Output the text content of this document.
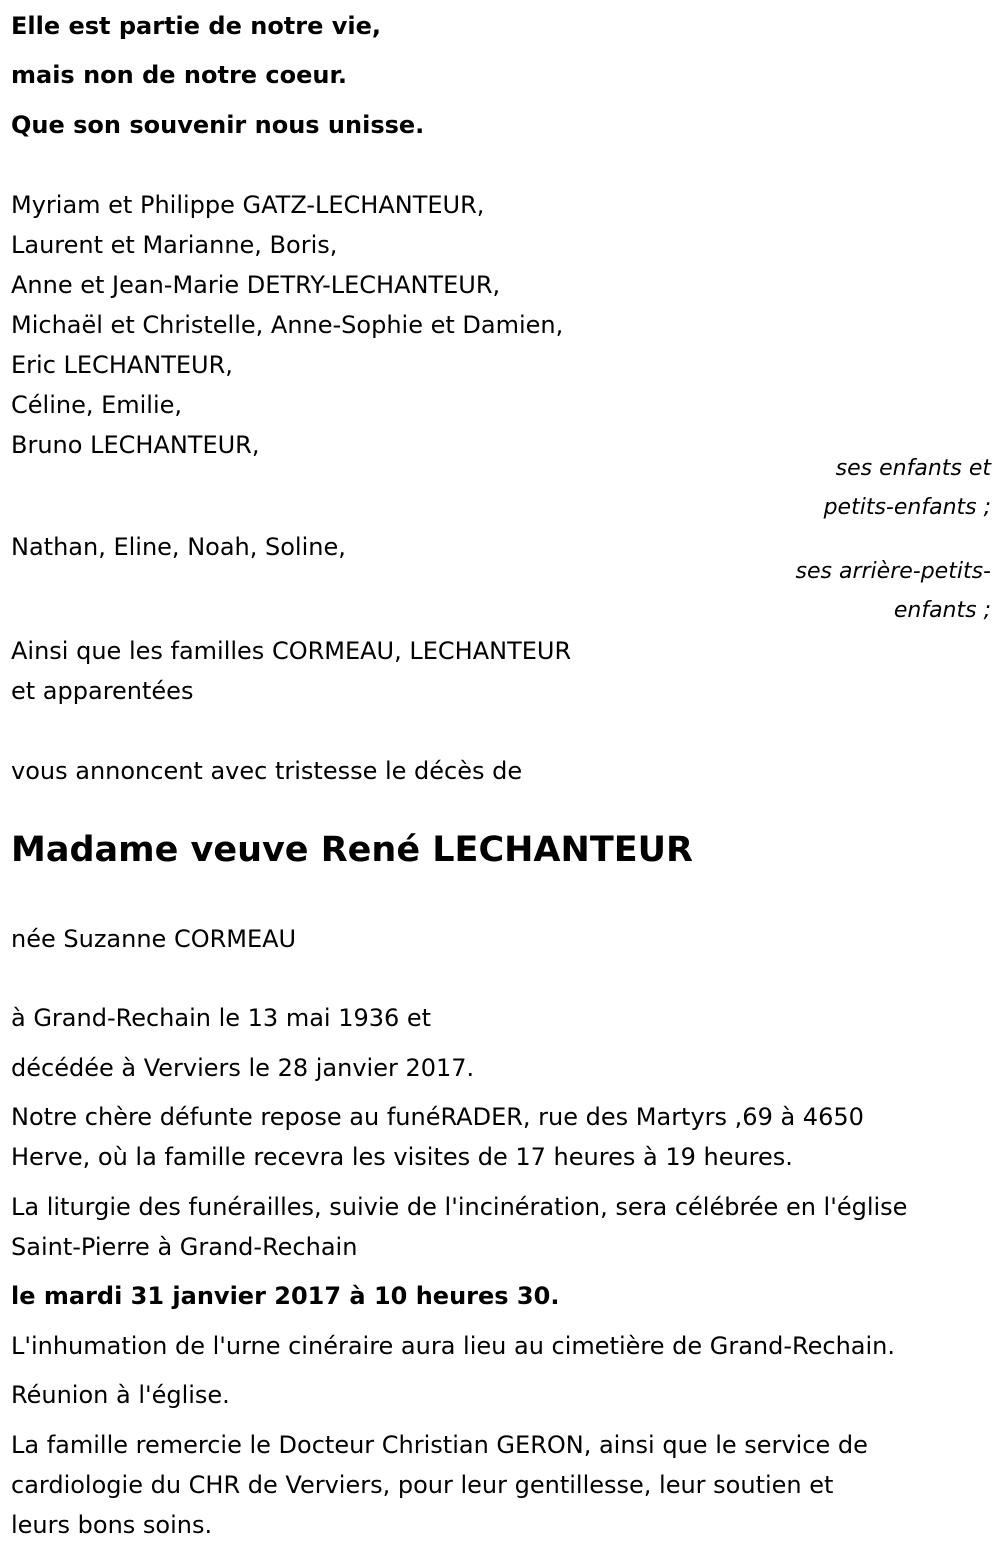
Elle est partie de notre vie,
mais non de notre coeur.
Que son souvenir nous unisse.
Myriam et Philippe GATZ-LECHANTEUR,
Laurent et Marianne, Boris,
Anne et Jean-Marie DETRY-LECHANTEUR,
Michaël et Christelle, Anne-Sophie et Damien,
Eric LECHANTEUR,
Céline, Emilie,
Bruno LECHANTEUR,
ses enfants et
petits-enfants ;
Nathan, Eline, Noah, Soline,
ses arrière-petits-
enfants ;
Ainsi que les familles CORMEAU, LECHANTEUR
et apparentées
vous annoncent avec tristesse le décès de
Madame veuve René LECHANTEUR
née Suzanne CORMEAU
à Grand-Rechain le 13 mai 1936 et
décédée à Verviers le 28 janvier 2017.
Notre chère défunte repose au funéRADER, rue des Martyrs ,69 à 4650
Herve, où la famille recevra les visites de 17 heures à 19 heures.
La liturgie des funérailles, suivie de l'incinération, sera célébrée en l'église
Saint-Pierre à Grand-Rechain
le mardi 31 janvier 2017 à 10 heures 30.
L'inhumation de l'urne cinéraire aura lieu au cimetière de Grand-Rechain.
Réunion à l'église.
La famille remercie le Docteur Christian GERON, ainsi que le service de
cardiologie du CHR de Verviers, pour leur gentillesse, leur soutien et
leurs bons soins.
